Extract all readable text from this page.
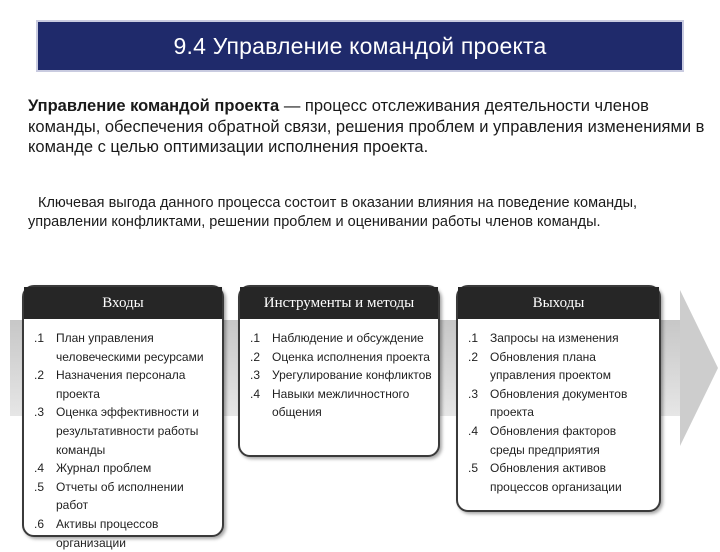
9.4 Управление командой проекта
Управление командой проекта — процесс отслеживания деятельности членов команды, обеспечения обратной связи, решения проблем и управления изменениями в команде с целью оптимизации исполнения проекта.
Ключевая выгода данного процесса состоит в оказании влияния на поведение команды, управлении конфликтами, решении проблем и оценивании работы членов команды.
Входы
.1 План управления человеческими ресурсами
.2 Назначения персонала проекта
.3 Оценка эффективности и результативности работы команды
.4 Журнал проблем
.5 Отчеты об исполнении работ
.6 Активы процессов организации
Инструменты и методы
.1 Наблюдение и обсуждение
.2 Оценка исполнения проекта
.3 Урегулирование конфликтов
.4 Навыки межличностного общения
Выходы
.1 Запросы на изменения
.2 Обновления плана управления проектом
.3 Обновления документов проекта
.4 Обновления факторов среды предприятия
.5 Обновления активов процессов организации
